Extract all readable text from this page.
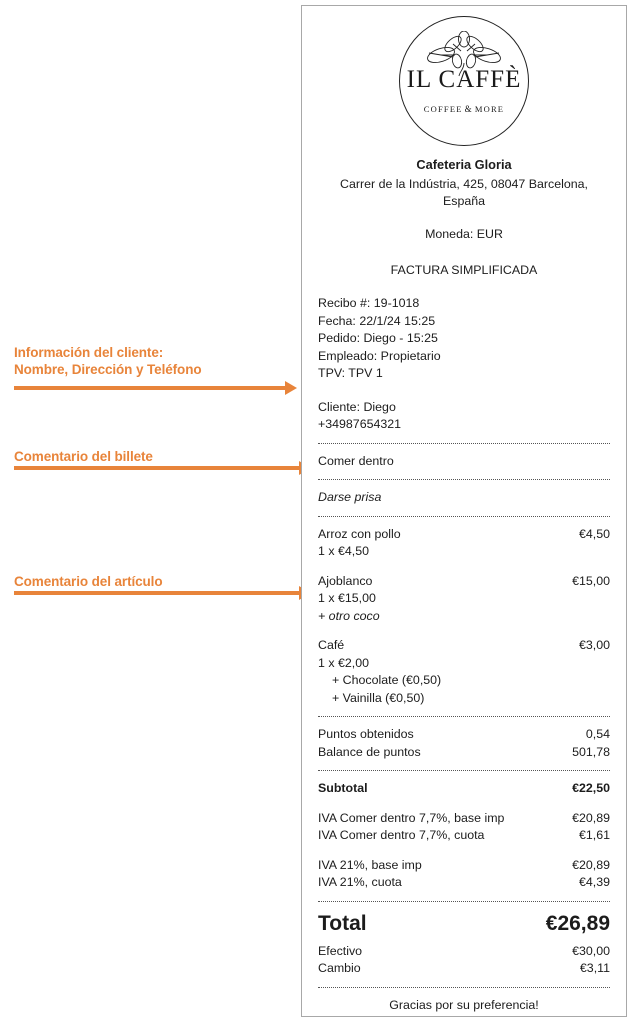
Información del cliente:
Nombre, Dirección y Teléfono
Comentario del billete
Comentario del artículo
IL CAFFÈ
COFFEE & MORE
Cafeteria Gloria
Carrer de la Indústria, 425, 08047 Barcelona, España
Moneda: EUR
FACTURA SIMPLIFICADA
Recibo #: 19-1018
Fecha: 22/1/24 15:25
Pedido: Diego - 15:25
Empleado: Propietario
TPV: TPV 1
Cliente: Diego
+34987654321
Comer dentro
Darse prisa
Arroz con pollo	€4,50
1 x €4,50
Ajoblanco	€15,00
1 x €15,00
+ otro coco
Café	€3,00
1 x €2,00
+ Chocolate (€0,50)
+ Vainilla (€0,50)
Puntos obtenidos	0,54
Balance de puntos	501,78
Subtotal	€22,50
IVA Comer dentro 7,7%, base imp	€20,89
IVA Comer dentro 7,7%, cuota	€1,61
IVA 21%, base imp	€20,89
IVA 21%, cuota	€4,39
Total	€26,89
Efectivo	€30,00
Cambio	€3,11
Gracias por su preferencia!
